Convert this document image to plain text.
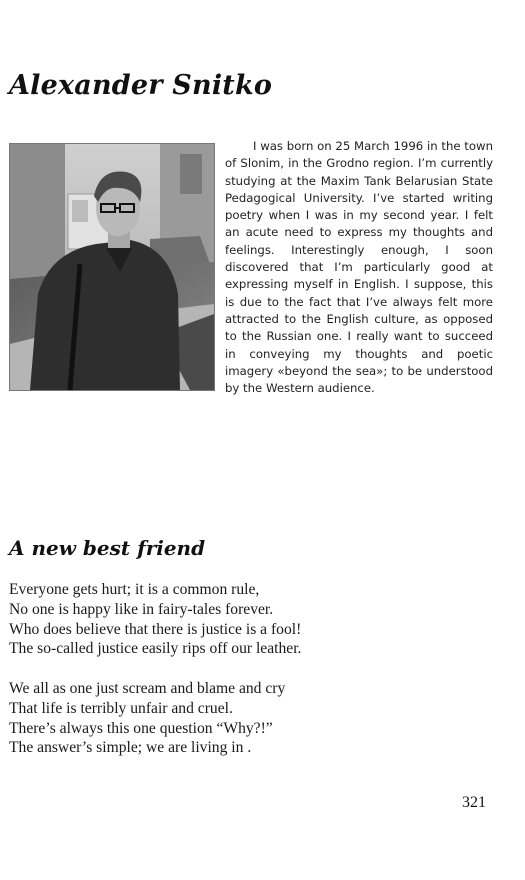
Alexander Snitko

I was born on 25 March 1996 in the town of Slonim, in the Grodno region. I’m currently studying at the Maxim Tank Belarusian State Pedagogical University. I’ve started writing poetry when I was in my second year. I felt an acute need to express my thoughts and feelings. Interestingly enough, I soon discovered that I’m particularly good at expressing myself in English. I suppose, this is due to the fact that I’ve always felt more attracted to the English culture, as opposed to the Russian one. I really want to succeed in conveying my thoughts and poetic imagery «beyond the sea»; to be understood by the Western audience.

A new best friend
Everyone gets hurt; it is a common rule,
No one is happy like in fairy-tales forever.
Who does believe that there is justice is a fool!
The so-called justice easily rips off our leather.
We all as one just scream and blame and cry
That life is terribly unfair and cruel.
There’s always this one question “Why?!”
The answer’s simple; we are living in .

321
